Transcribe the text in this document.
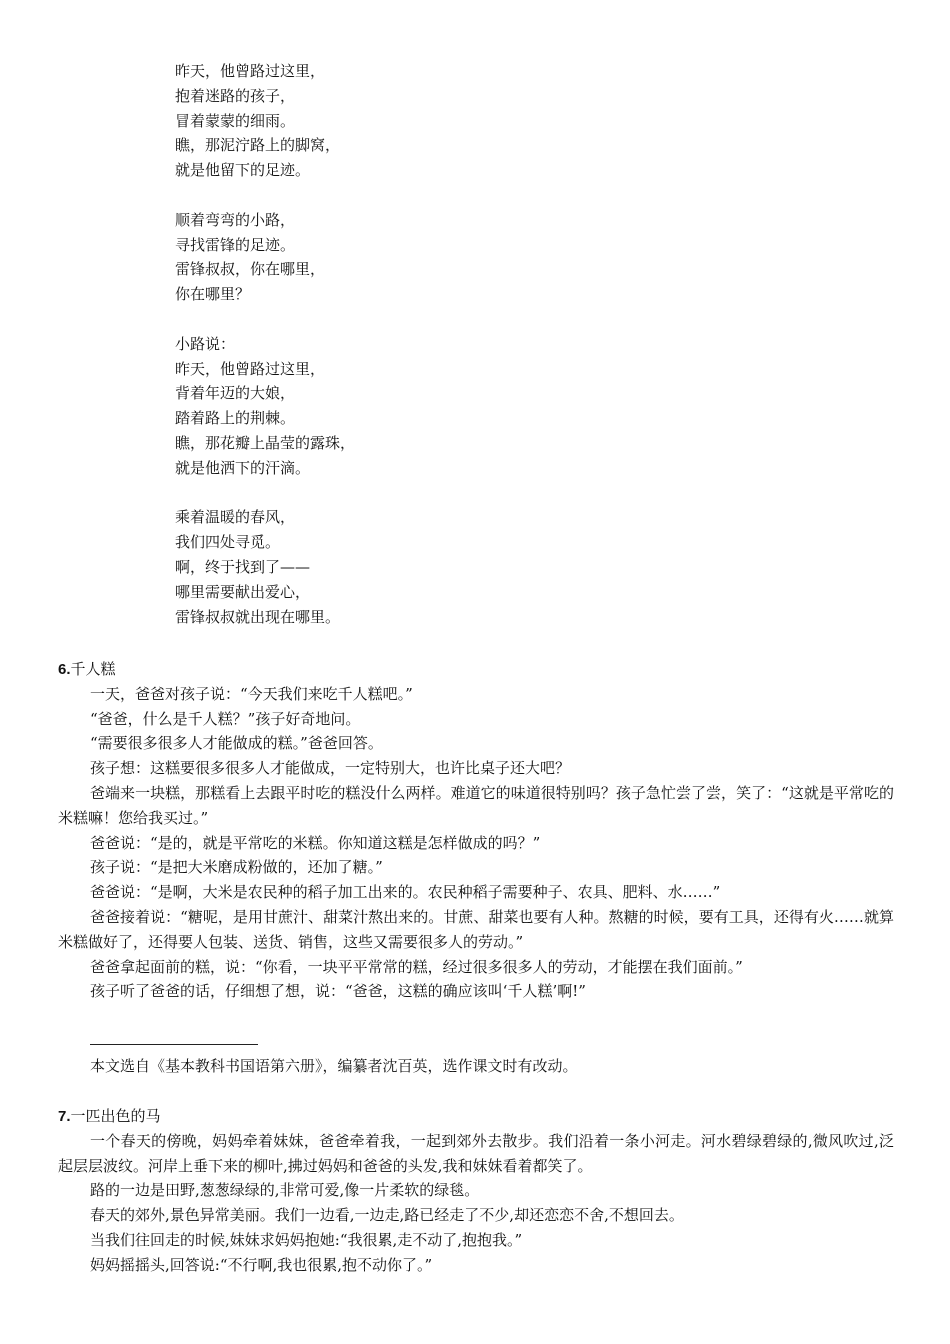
昨天，他曾路过这里，
抱着迷路的孩子，
冒着蒙蒙的细雨。
瞧，那泥泞路上的脚窝，
就是他留下的足迹。
顺着弯弯的小路，
寻找雷锋的足迹。
雷锋叔叔，你在哪里，
你在哪里？
小路说：
昨天，他曾路过这里，
背着年迈的大娘，
踏着路上的荆棘。
瞧，那花瓣上晶莹的露珠，
就是他洒下的汗滴。
乘着温暖的春风，
我们四处寻觅。
啊，终于找到了——
哪里需要献出爱心，
雷锋叔叔就出现在哪里。
6.千人糕

一天，爸爸对孩子说：“今天我们来吃千人糕吧。”

“爸爸，什么是千人糕？”孩子好奇地问。

“需要很多很多人才能做成的糕。”爸爸回答。

孩子想：这糕要很多很多人才能做成，一定特别大，也许比桌子还大吧？

爸端来一块糕，那糕看上去跟平时吃的糕没什么两样。难道它的味道很特别吗？孩子急忙尝了尝，笑了：“这就是平常吃的米糕嘛！您给我买过。”

爸爸说：“是的，就是平常吃的米糕。你知道这糕是怎样做成的吗？”

孩子说：“是把大米磨成粉做的，还加了糖。”

爸爸说：“是啊，大米是农民种的稻子加工出来的。农民种稻子需要种子、农具、肥料、水……”

爸爸接着说：“糖呢，是用甘蔗汁、甜菜汁熬出来的。甘蔗、甜菜也要有人种。熬糖的时候，要有工具，还得有火……就算米糕做好了，还得要人包装、送货、销售，这些又需要很多人的劳动。”

爸爸拿起面前的糕，说：“你看，一块平平常常的糕，经过很多很多人的劳动，才能摆在我们面前。”

孩子听了爸爸的话，仔细想了想，说：“爸爸，这糕的确应该叫‘千人糕’啊!”

本文选自《基本教科书国语第六册》，编纂者沈百英，选作课文时有改动。
7.一匹出色的马

一个春天的傍晚，妈妈牵着妹妹，爸爸牵着我，一起到郊外去散步。我们沿着一条小河走。河水碧绿碧绿的,微风吹过,泛起层层波纹。河岸上垂下来的柳叶,拂过妈妈和爸爸的头发,我和妹妹看着都笑了。

路的一边是田野,葱葱绿绿的,非常可爱,像一片柔软的绿毯。

春天的郊外,景色异常美丽。我们一边看,一边走,路已经走了不少,却还恋恋不舍,不想回去。

当我们往回走的时候,妹妹求妈妈抱她:“我很累,走不动了,抱抱我。”

妈妈摇摇头,回答说:“不行啊,我也很累,抱不动你了。”
